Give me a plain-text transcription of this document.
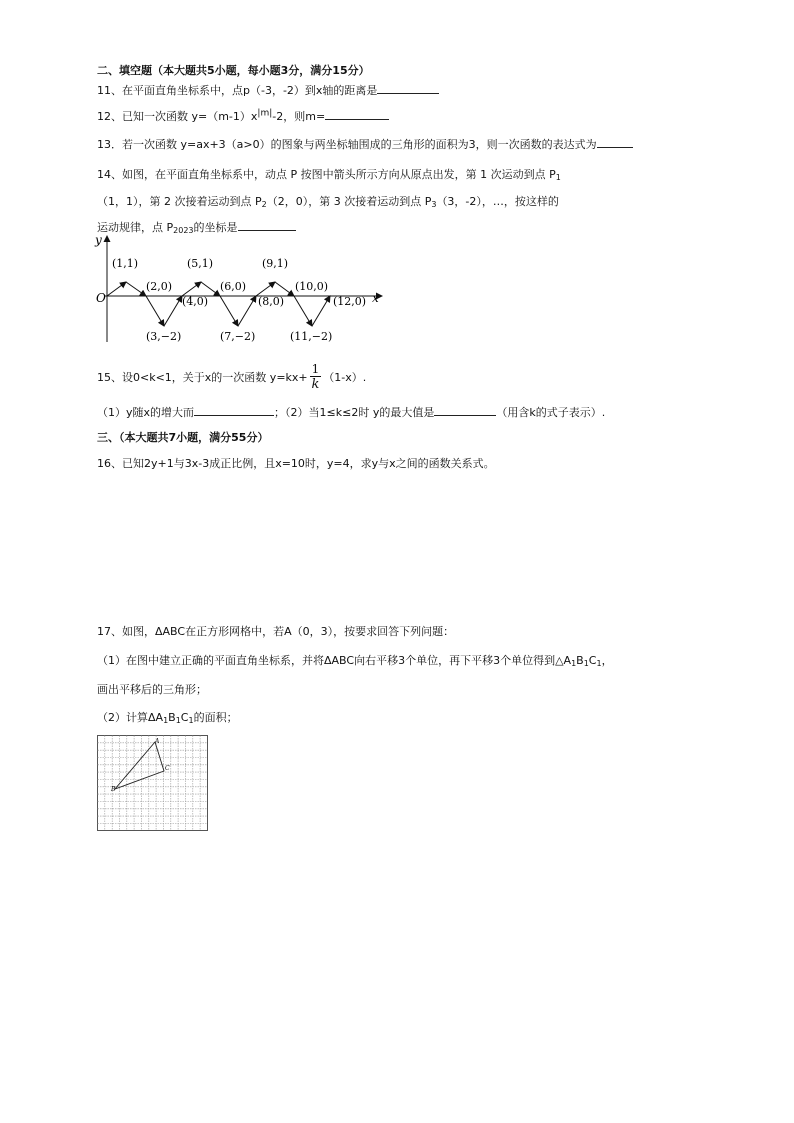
二、填空题（本大题共5小题，每小题3分，满分15分）
11、在平面直角坐标系中，点p（-3，-2）到x轴的距离是
12、已知一次函数 $y=(m-1)x^{|m|}-2$，则m=
13．若一次函数 y=ax+3（a>0）的图象与两坐标轴围成的三角形的面积为3，则一次函数的表达式为
14、如图，在平面直角坐标系中，动点 P 按图中箭头所示方向从原点出发，第 1 次运动到点 $P_1$
（1，1），第 2 次接着运动到点 $P_2(2$，0），第 3 次接着运动到点 $P_3(3$，-2），…，按这样的
运动规律，点 $P_{2023}$的坐标是
y
x
O
(1,1)
(2,0)
(3,−2)
(4,0)
(5,1)
(6,0)
(7,−2)
(8,0)
(9,1)
(10,0)
(11,−2)
(12,0)
15、设0<k<1，关于x的一次函数 $y=kx+ \frac{1}{k} (1-x)$.
（1）y随x的增大而	；（2）当1≤k≤2时 y的最大值是	（用含k的式子表示）.
三、（本大题共7小题，满分55分）
16、已知2y+1与3x-3成正比例，且x=10时，y=4，求y与x之间的函数关系式。
17、如图，ΔABC在正方形网格中，若A（0，3），按要求回答下列问题：
（1）在图中建立正确的平面直角坐标系，并将ΔABC向右平移3个单位，再下平移3个单位得到$\triangle A_1B_1C_1$，
画出平移后的三角形；
（2）计算$\Delta A_1B_1C_1$的面积；
A
C
B
